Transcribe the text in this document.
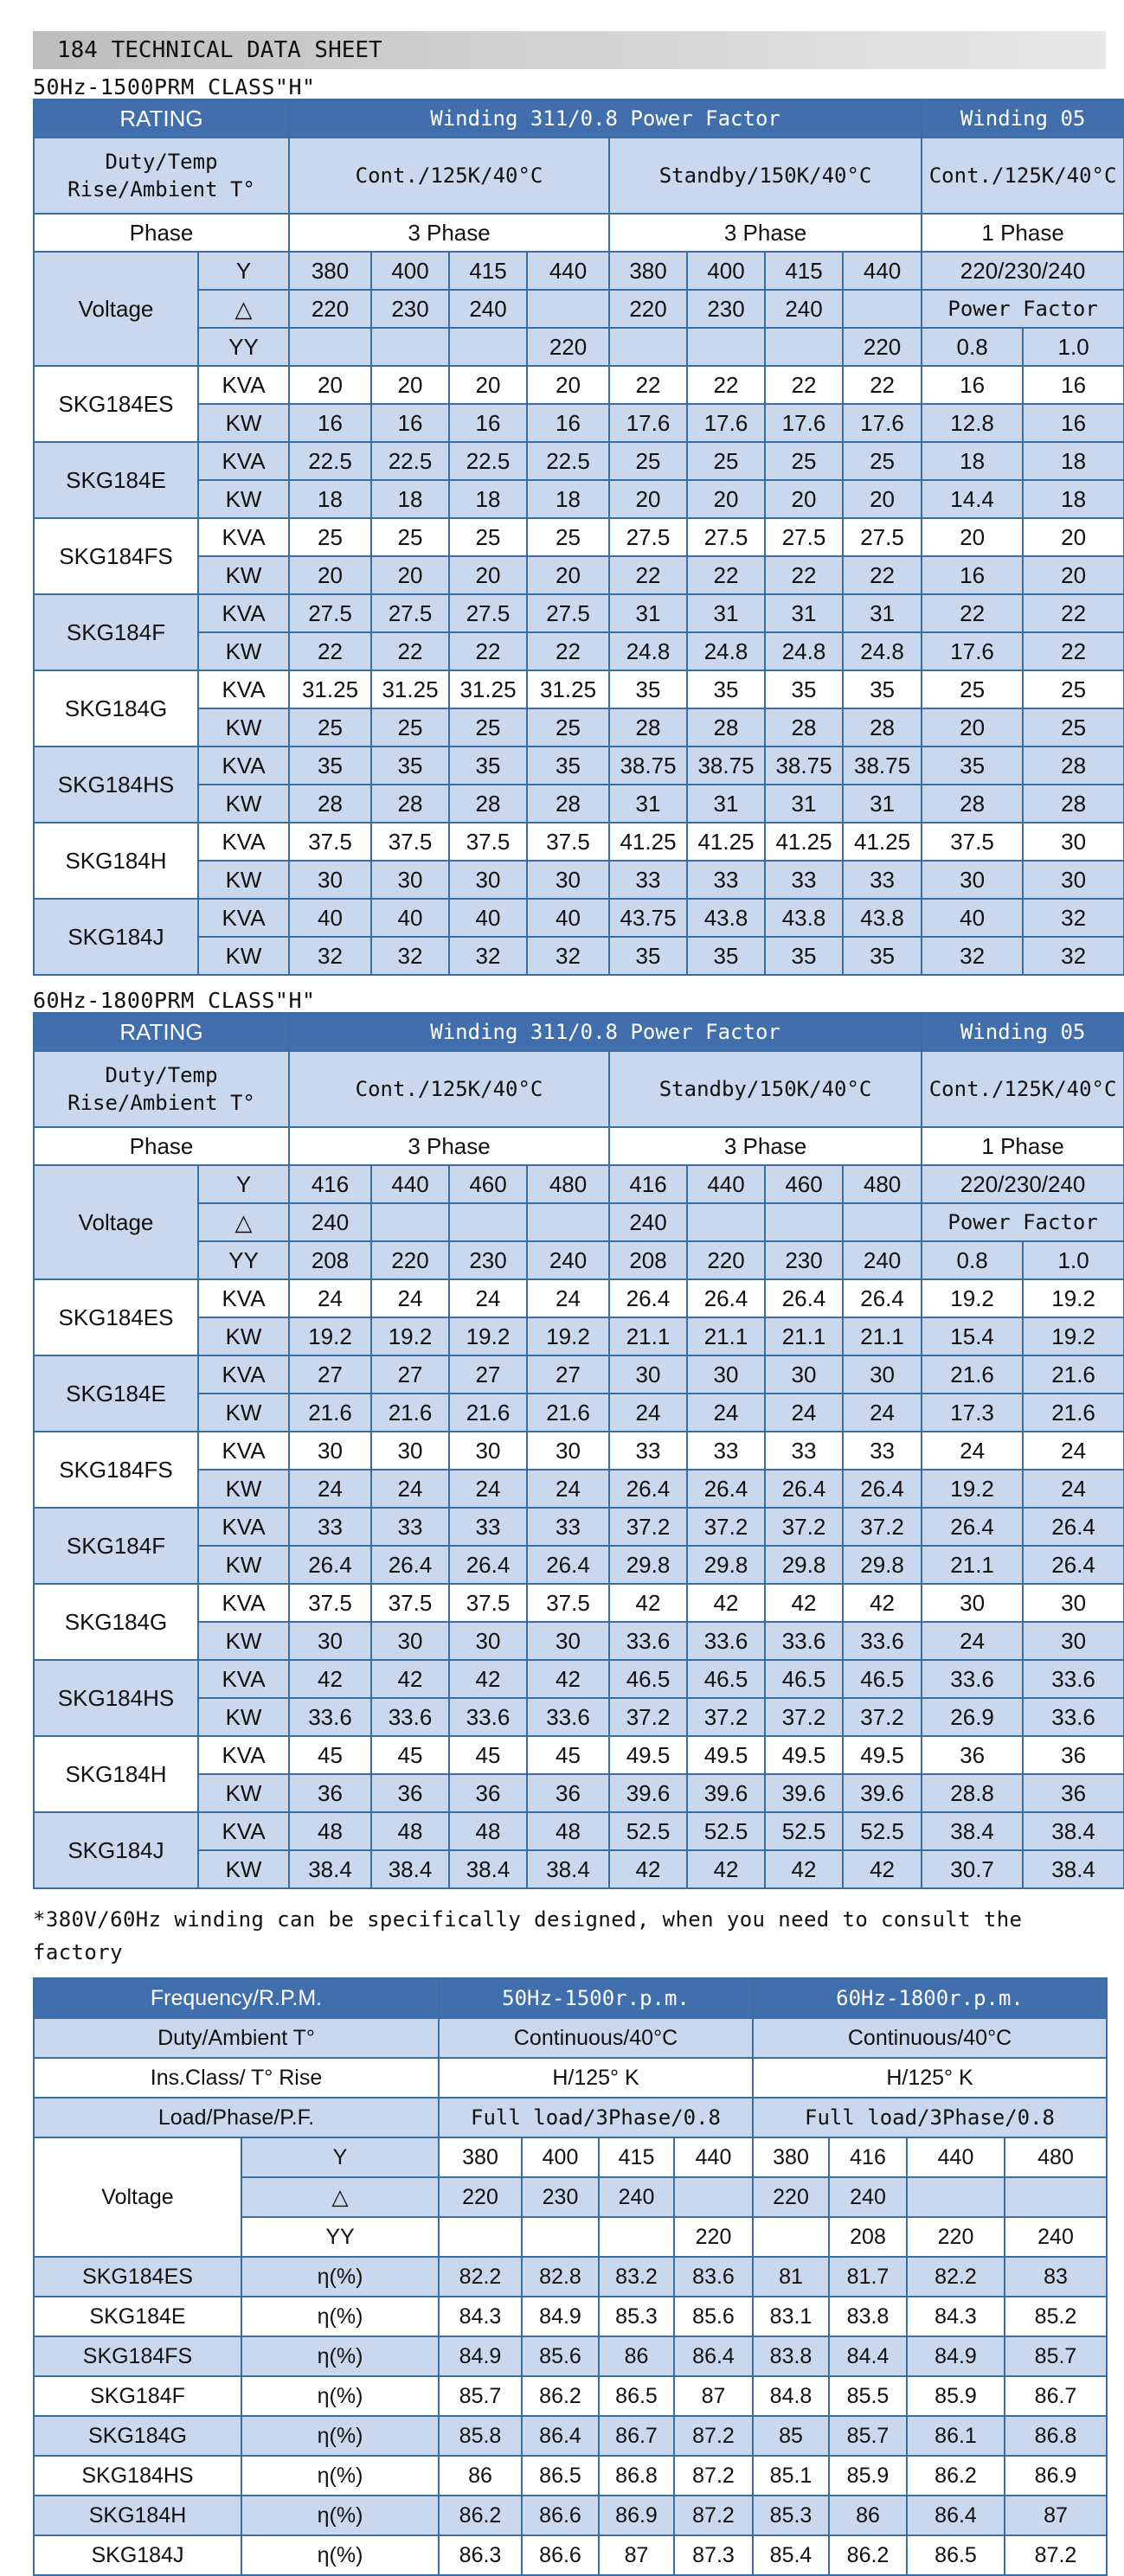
184 TECHNICAL DATA SHEET
50Hz-1500PRM CLASS"H"
RATING		Winding 311/0.8 Power Factor								Winding 05	

Duty/Temp
Rise/Ambient T°		Cont./125K/40°C				Standby/150K/40°C				Cont./125K/40°C	
Phase		3 Phase				3 Phase				1 Phase	
Voltage	Y	380	400	415	440	380	400	415	440	220/230/240	
	△	220	230	240		220	230	240		Power Factor	
	YY				220				220	0.8	1.0
SKG184ES	KVA	20	20	20	20	22	22	22	22	16	16
	KW	16	16	16	16	17.6	17.6	17.6	17.6	12.8	16
SKG184E	KVA	22.5	22.5	22.5	22.5	25	25	25	25	18	18
	KW	18	18	18	18	20	20	20	20	14.4	18
SKG184FS	KVA	25	25	25	25	27.5	27.5	27.5	27.5	20	20
	KW	20	20	20	20	22	22	22	22	16	20
SKG184F	KVA	27.5	27.5	27.5	27.5	31	31	31	31	22	22
	KW	22	22	22	22	24.8	24.8	24.8	24.8	17.6	22
SKG184G	KVA	31.25	31.25	31.25	31.25	35	35	35	35	25	25
	KW	25	25	25	25	28	28	28	28	20	25
SKG184HS	KVA	35	35	35	35	38.75	38.75	38.75	38.75	35	28
	KW	28	28	28	28	31	31	31	31	28	28
SKG184H	KVA	37.5	37.5	37.5	37.5	41.25	41.25	41.25	41.25	37.5	30
	KW	30	30	30	30	33	33	33	33	30	30
SKG184J	KVA	40	40	40	40	43.75	43.8	43.8	43.8	40	32
	KW	32	32	32	32	35	35	35	35	32	32
60Hz-1800PRM CLASS"H"
RATING		Winding 311/0.8 Power Factor								Winding 05	

Duty/Temp
Rise/Ambient T°		Cont./125K/40°C				Standby/150K/40°C				Cont./125K/40°C	
Phase		3 Phase				3 Phase				1 Phase	
Voltage	Y	416	440	460	480	416	440	460	480	220/230/240	
	△	240				240				Power Factor	
	YY	208	220	230	240	208	220	230	240	0.8	1.0
SKG184ES	KVA	24	24	24	24	26.4	26.4	26.4	26.4	19.2	19.2
	KW	19.2	19.2	19.2	19.2	21.1	21.1	21.1	21.1	15.4	19.2
SKG184E	KVA	27	27	27	27	30	30	30	30	21.6	21.6
	KW	21.6	21.6	21.6	21.6	24	24	24	24	17.3	21.6
SKG184FS	KVA	30	30	30	30	33	33	33	33	24	24
	KW	24	24	24	24	26.4	26.4	26.4	26.4	19.2	24
SKG184F	KVA	33	33	33	33	37.2	37.2	37.2	37.2	26.4	26.4
	KW	26.4	26.4	26.4	26.4	29.8	29.8	29.8	29.8	21.1	26.4
SKG184G	KVA	37.5	37.5	37.5	37.5	42	42	42	42	30	30
	KW	30	30	30	30	33.6	33.6	33.6	33.6	24	30
SKG184HS	KVA	42	42	42	42	46.5	46.5	46.5	46.5	33.6	33.6
	KW	33.6	33.6	33.6	33.6	37.2	37.2	37.2	37.2	26.9	33.6
SKG184H	KVA	45	45	45	45	49.5	49.5	49.5	49.5	36	36
	KW	36	36	36	36	39.6	39.6	39.6	39.6	28.8	36
SKG184J	KVA	48	48	48	48	52.5	52.5	52.5	52.5	38.4	38.4
	KW	38.4	38.4	38.4	38.4	42	42	42	42	30.7	38.4
*380V/60Hz winding can be specifically designed, when you need to consult the factory
Frequency/R.P.M.		50Hz-1500r.p.m.				60Hz-1800r.p.m.			
Duty/Ambient T°		Continuous/40°C				Continuous/40°C			
Ins.Class/ T° Rise		H/125° K				H/125° K			
Load/Phase/P.F.		Full load/3Phase/0.8				Full load/3Phase/0.8			
Voltage	Y	380	400	415	440	380	416	440	480
	△	220	230	240		220	240		
	YY				220		208	220	240
SKG184ES	η(%)	82.2	82.8	83.2	83.6	81	81.7	82.2	83
SKG184E	η(%)	84.3	84.9	85.3	85.6	83.1	83.8	84.3	85.2
SKG184FS	η(%)	84.9	85.6	86	86.4	83.8	84.4	84.9	85.7
SKG184F	η(%)	85.7	86.2	86.5	87	84.8	85.5	85.9	86.7
SKG184G	η(%)	85.8	86.4	86.7	87.2	85	85.7	86.1	86.8
SKG184HS	η(%)	86	86.5	86.8	87.2	85.1	85.9	86.2	86.9
SKG184H	η(%)	86.2	86.6	86.9	87.2	85.3	86	86.4	87
SKG184J	η(%)	86.3	86.6	87	87.3	85.4	86.2	86.5	87.2
